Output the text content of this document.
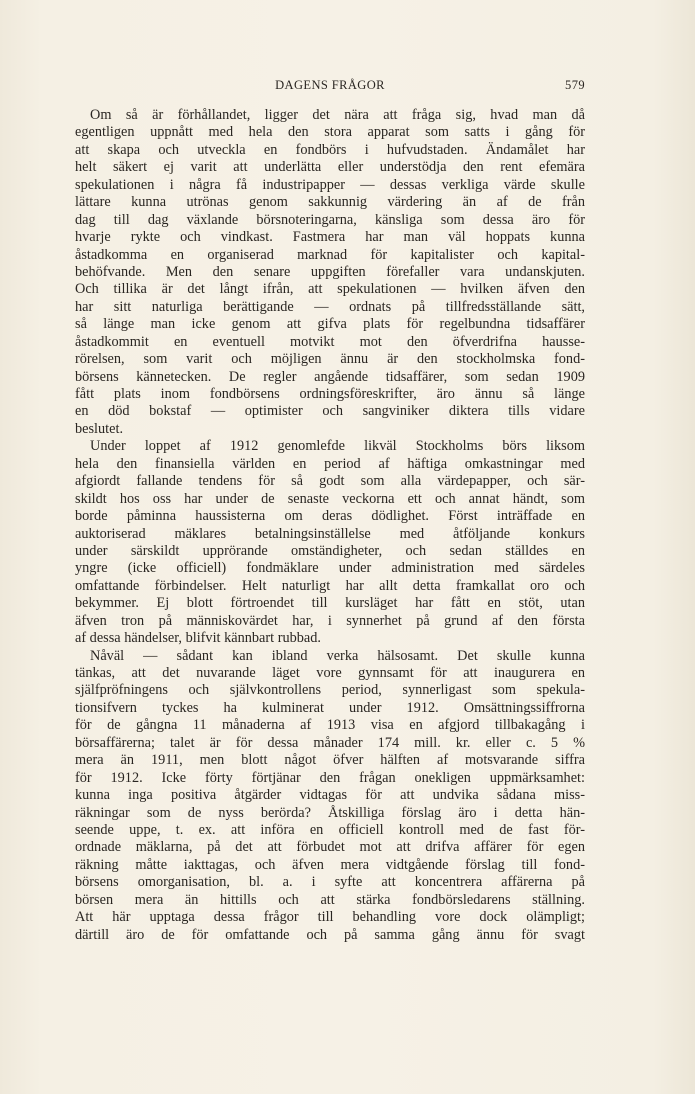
DAGENS FRÅGOR	579
Om så är förhållandet, ligger det nära att fråga sig, hvad man då
egentligen uppnått med hela den stora apparat som satts i gång för
att skapa och utveckla en fondbörs i hufvudstaden. Ändamålet har
helt säkert ej varit att underlätta eller understödja den rent efemära
spekulationen i några få industripapper — dessas verkliga värde skulle
lättare kunna utrönas genom sakkunnig värdering än af de från
dag till dag växlande börsnoteringarna, känsliga som dessa äro för
hvarje rykte och vindkast. Fastmera har man väl hoppats kunna
åstadkomma en organiserad marknad för kapitalister och kapital-
behöfvande. Men den senare uppgiften förefaller vara undanskjuten.
Och tillika är det långt ifrån, att spekulationen — hvilken äfven den
har sitt naturliga berättigande — ordnats på tillfredsställande sätt,
så länge man icke genom att gifva plats för regelbundna tidsaffärer
åstadkommit en eventuell motvikt mot den öfverdrifna hausse-
rörelsen, som varit och möjligen ännu är den stockholmska fond-
börsens kännetecken. De regler angående tidsaffärer, som sedan 1909
fått plats inom fondbörsens ordningsföreskrifter, äro ännu så länge
en död bokstaf — optimister och sangviniker diktera tills vidare
beslutet.
Under loppet af 1912 genomlefde likväl Stockholms börs liksom
hela den finansiella världen en period af häftiga omkastningar med
afgiordt fallande tendens för så godt som alla värdepapper, och sär-
skildt hos oss har under de senaste veckorna ett och annat händt, som
borde påminna haussisterna om deras dödlighet. Först inträffade en
auktoriserad mäklares betalningsinställelse med åtföljande konkurs
under särskildt upprörande omständigheter, och sedan ställdes en
yngre (icke officiell) fondmäklare under administration med särdeles
omfattande förbindelser. Helt naturligt har allt detta framkallat oro och
bekymmer. Ej blott förtroendet till kursläget har fått en stöt, utan
äfven tron på människovärdet har, i synnerhet på grund af den första
af dessa händelser, blifvit kännbart rubbad.
Nåväl — sådant kan ibland verka hälsosamt. Det skulle kunna
tänkas, att det nuvarande läget vore gynnsamt för att inaugurera en
själfpröfningens och självkontrollens period, synnerligast som spekula-
tionsifvern tyckes ha kulminerat under 1912. Omsättningssiffrorna
för de gångna 11 månaderna af 1913 visa en afgjord tillbakagång i
börsaffärerna; talet är för dessa månader 174 mill. kr. eller c. 5 %
mera än 1911, men blott något öfver hälften af motsvarande siffra
för 1912. Icke förty förtjänar den frågan onekligen uppmärksamhet:
kunna inga positiva åtgärder vidtagas för att undvika sådana miss-
räkningar som de nyss berörda? Åtskilliga förslag äro i detta hän-
seende uppe, t. ex. att införa en officiell kontroll med de fast för-
ordnade mäklarna, på det att förbudet mot att drifva affärer för egen
räkning måtte iakttagas, och äfven mera vidtgående förslag till fond-
börsens omorganisation, bl. a. i syfte att koncentrera affärerna på
börsen mera än hittills och att stärka fondbörsledarens ställning.
Att här upptaga dessa frågor till behandling vore dock olämpligt;
därtill äro de för omfattande och på samma gång ännu för svagt
